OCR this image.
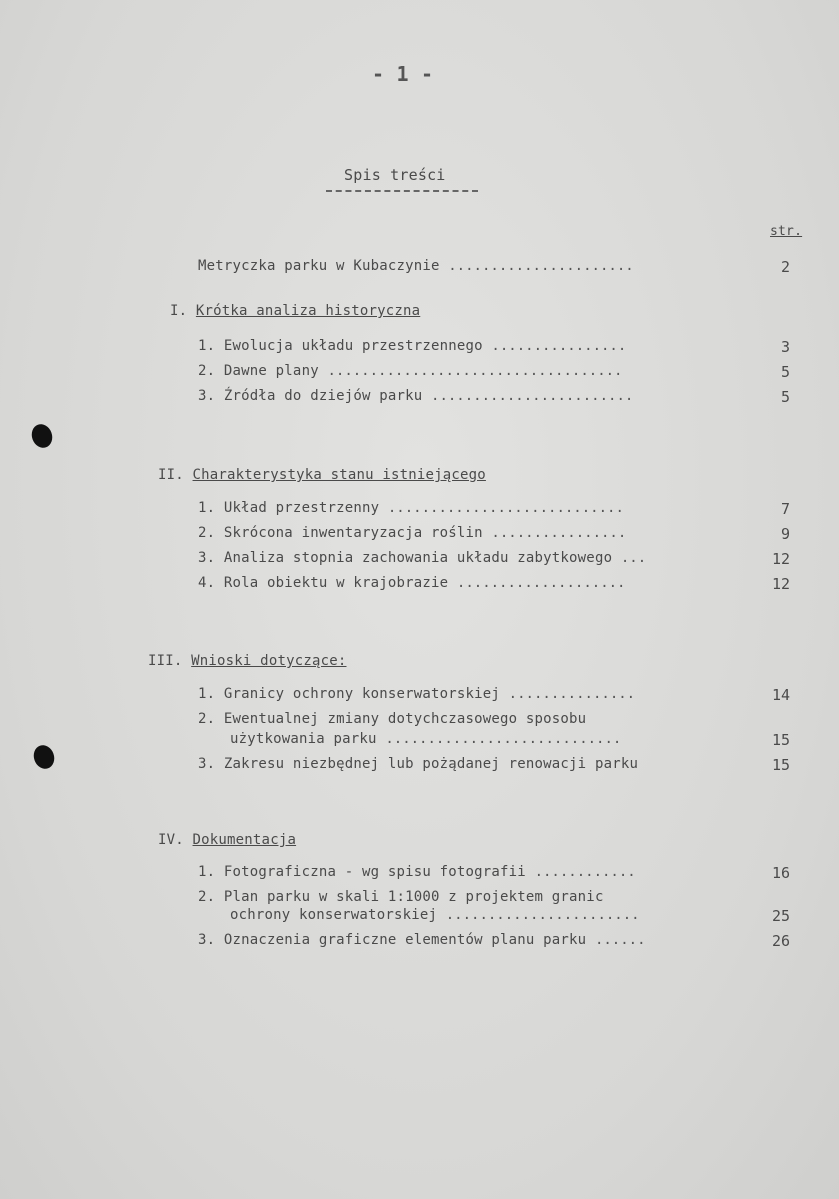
- 1 -
Spis treści
str.
Metryczka parku w Kubaczynie ......................	2
I. Krótka analiza historyczna
1. Ewolucja układu przestrzennego ................	3
2. Dawne plany ...................................	5
3. Źródła do dziejów parku ........................	5
II. Charakterystyka stanu istniejącego
1. Układ przestrzenny ............................	7
2. Skrócona inwentaryzacja roślin ................	9
3. Analiza stopnia zachowania układu zabytkowego ...	12
4. Rola obiektu w krajobrazie ....................	12
III. Wnioski dotyczące:
1. Granicy ochrony konserwatorskiej ...............	14
2. Ewentualnej zmiany dotychczasowego sposobu
użytkowania parku ............................	15
3. Zakresu niezbędnej lub pożądanej renowacji parku	15
IV. Dokumentacja
1. Fotograficzna - wg spisu fotografii ............	16
2. Plan parku w skali 1:1000 z projektem granic
ochrony konserwatorskiej .......................	25
3. Oznaczenia graficzne elementów planu parku ......	26
